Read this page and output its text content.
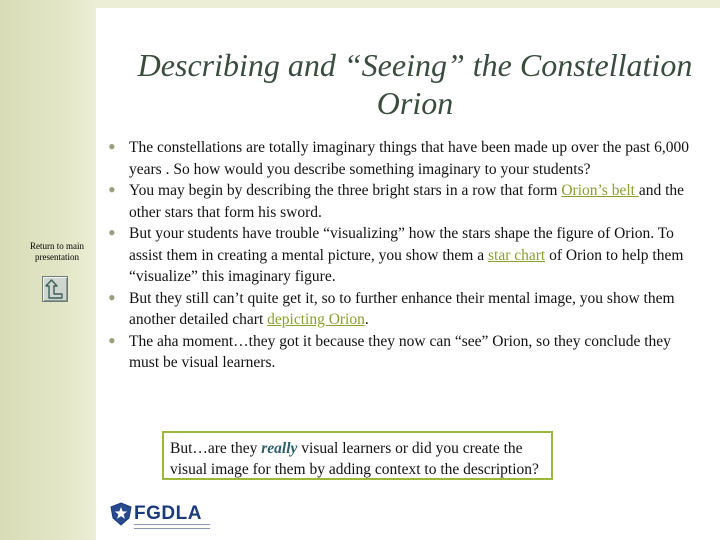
Return to main presentation
Describing and “Seeing” the Constellation Orion
• The constellations are totally imaginary things that have been made up over the past 6,000 years . So how would you describe something imaginary to your students?
• You may begin by describing the three bright stars in a row that form Orion’s belt and the other stars that form his sword.
• But your students have trouble “visualizing” how the stars shape the figure of Orion. To assist them in creating a mental picture, you show them a star chart of Orion to help them “visualize” this imaginary figure.
• But they still can’t quite get it, so to further enhance their mental image, you show them another detailed chart depicting Orion.
• The aha moment…they got it because they now can “see” Orion, so they conclude they must be visual learners.
But…are they really visual learners or did you create the visual image for them by adding context to the description?
FGDLA
